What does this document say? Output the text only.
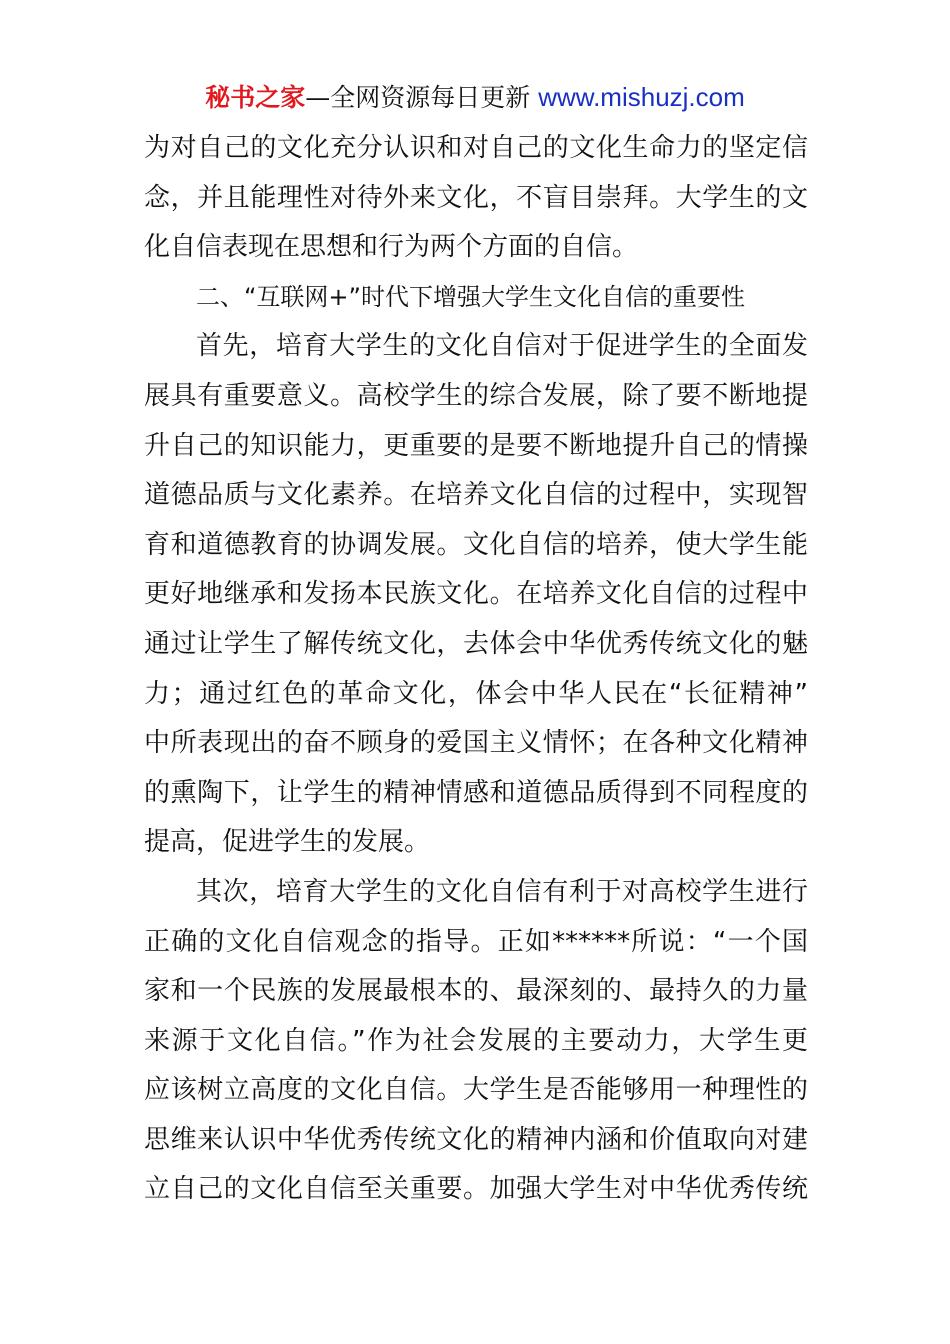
秘书之家—全网资源每日更新 www.mishuzj.com
为对自己的文化充分认识和对自己的文化生命力的坚定信
念，并且能理性对待外来文化，不盲目崇拜。大学生的文
化自信表现在思想和行为两个方面的自信。
二、“互联网+”时代下增强大学生文化自信的重要性
首先，培育大学生的文化自信对于促进学生的全面发
展具有重要意义。高校学生的综合发展，除了要不断地提
升自己的知识能力，更重要的是要不断地提升自己的情操
道德品质与文化素养。在培养文化自信的过程中，实现智
育和道德教育的协调发展。文化自信的培养，使大学生能
更好地继承和发扬本民族文化。在培养文化自信的过程中
通过让学生了解传统文化，去体会中华优秀传统文化的魅
力；通过红色的革命文化，体会中华人民在“长征精神”
中所表现出的奋不顾身的爱国主义情怀；在各种文化精神
的熏陶下，让学生的精神情感和道德品质得到不同程度的
提高，促进学生的发展。
其次，培育大学生的文化自信有利于对高校学生进行
正确的文化自信观念的指导。正如******所说：“一个国
家和一个民族的发展最根本的、最深刻的、最持久的力量
来源于文化自信。”作为社会发展的主要动力，大学生更
应该树立高度的文化自信。大学生是否能够用一种理性的
思维来认识中华优秀传统文化的精神内涵和价值取向对建
立自己的文化自信至关重要。加强大学生对中华优秀传统
